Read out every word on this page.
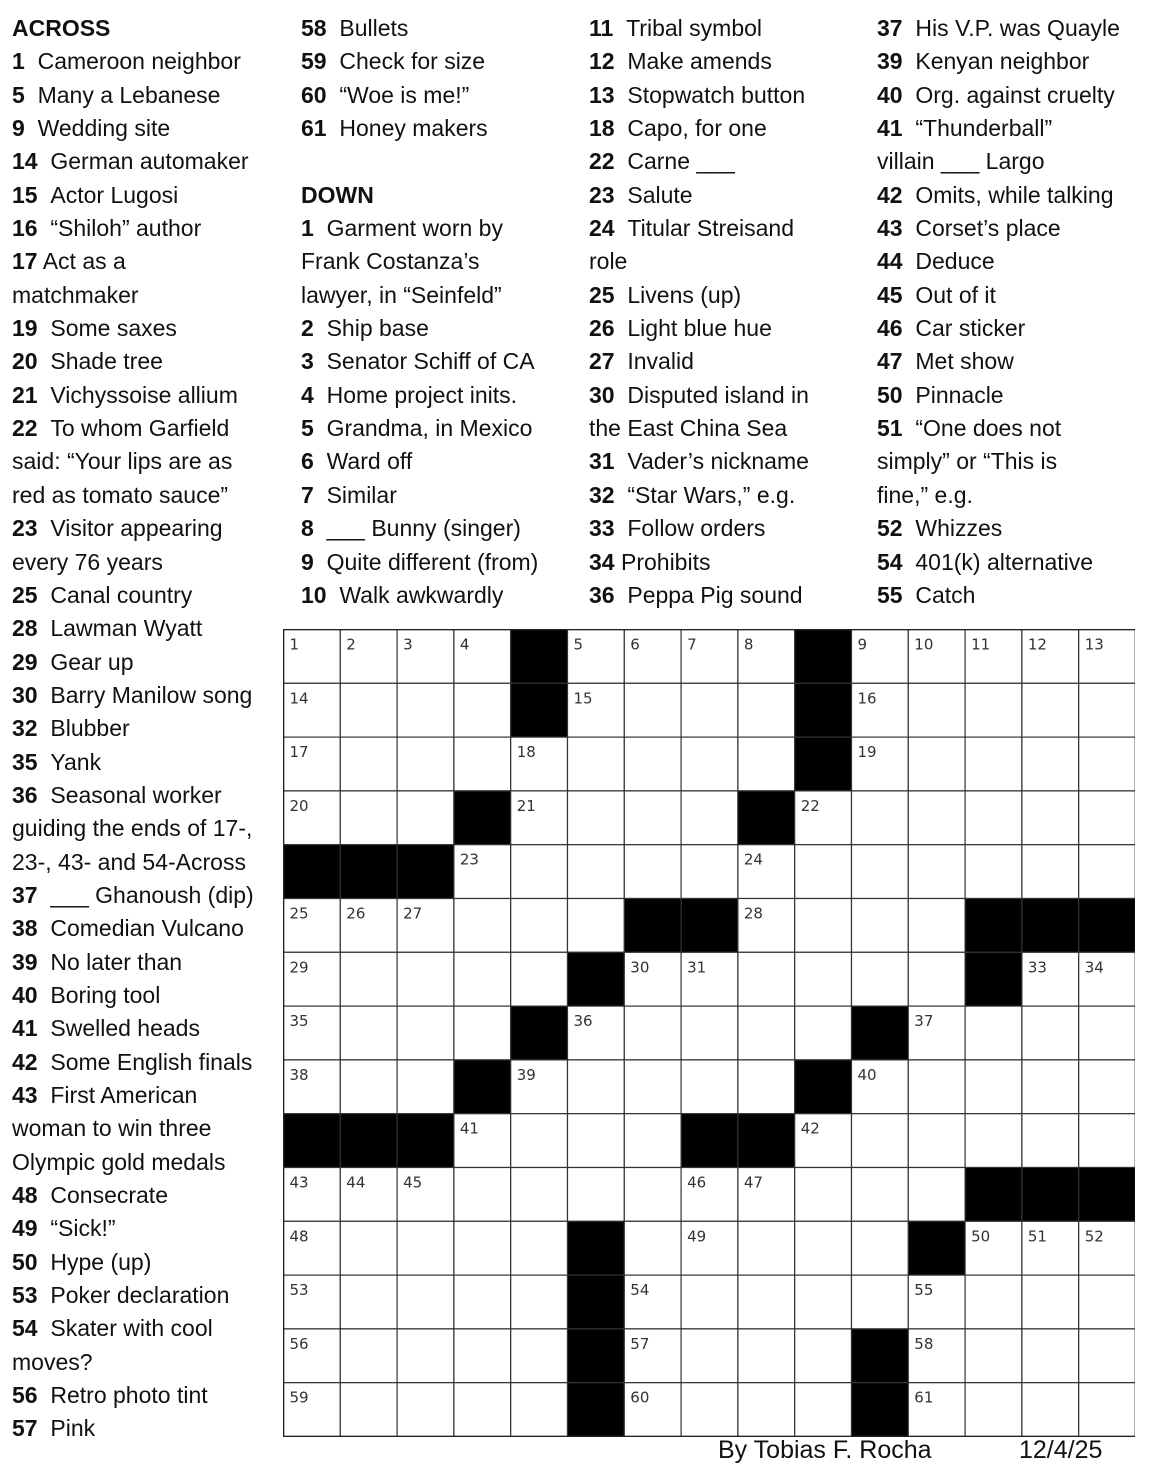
ACROSS
1 Cameroon neighbor
5 Many a Lebanese
9 Wedding site
14 German automaker
15 Actor Lugosi
16 “Shiloh” author
17 Act as a
matchmaker
19 Some saxes
20 Shade tree
21 Vichyssoise allium
22 To whom Garfield
said: “Your lips are as
red as tomato sauce”
23 Visitor appearing
every 76 years
25 Canal country
28 Lawman Wyatt
29 Gear up
30 Barry Manilow song
32 Blubber
35 Yank
36 Seasonal worker
guiding the ends of 17-,
23-, 43- and 54-Across
37 ___ Ghanoush (dip)
38 Comedian Vulcano
39 No later than
40 Boring tool
41 Swelled heads
42 Some English finals
43 First American
woman to win three
Olympic gold medals
48 Consecrate
49 “Sick!”
50 Hype (up)
53 Poker declaration
54 Skater with cool
moves?
56 Retro photo tint
57 Pink
58 Bullets
59 Check for size
60 “Woe is me!”
61 Honey makers
DOWN
1 Garment worn by
Frank Costanza’s
lawyer, in “Seinfeld”
2 Ship base
3 Senator Schiff of CA
4 Home project inits.
5 Grandma, in Mexico
6 Ward off
7 Similar
8 ___ Bunny (singer)
9 Quite different (from)
10 Walk awkwardly
11 Tribal symbol
12 Make amends
13 Stopwatch button
18 Capo, for one
22 Carne ___
23 Salute
24 Titular Streisand
role
25 Livens (up)
26 Light blue hue
27 Invalid
30 Disputed island in
the East China Sea
31 Vader’s nickname
32 “Star Wars,” e.g.
33 Follow orders
34 Prohibits
36 Peppa Pig sound
37 His V.P. was Quayle
39 Kenyan neighbor
40 Org. against cruelty
41 “Thunderball”
villain ___ Largo
42 Omits, while talking
43 Corset’s place
44 Deduce
45 Out of it
46 Car sticker
47 Met show
50 Pinnacle
51 “One does not
simply” or “This is
fine,” e.g.
52 Whizzes
54 401(k) alternative
55 Catch
1	2	3	4	5	6	7	8	9	10	11	12	13
14	15	16
17	18	19
20	21	22
23	24
25	26	27	28
29	30	31	33	34
35	36	37
38	39	40
41	42
43	44	45	46	47
48	49	50	51	52
53	54	55
56	57	58
59	60	61
By Tobias F. Rocha	12/4/25
